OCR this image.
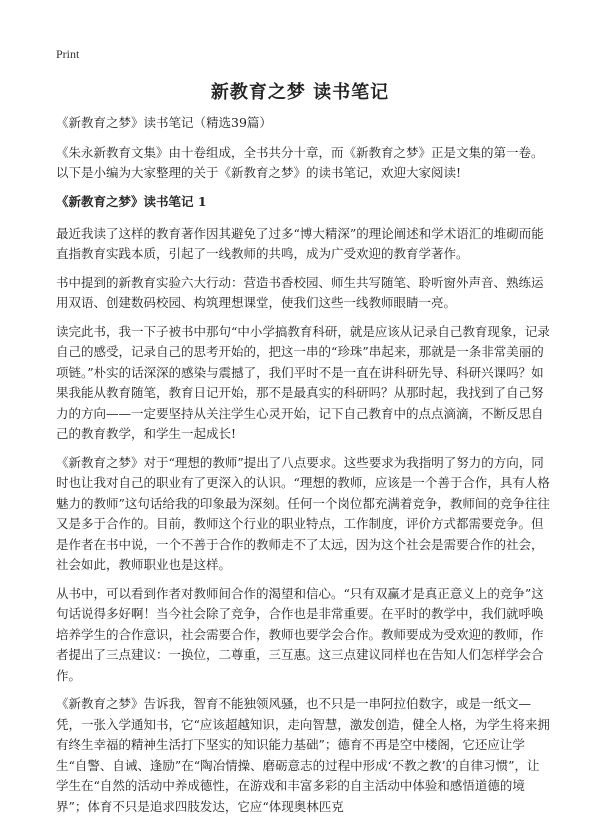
Print
新教育之梦 读书笔记

《新教育之梦》读书笔记（精选39篇）

《朱永新教育文集》由十卷组成，全书共分十章，而《新教育之梦》正是文集的第一卷。以下是小编为大家整理的关于《新教育之梦》的读书笔记，欢迎大家阅读!

《新教育之梦》读书笔记 1

最近我读了这样的教育著作因其避免了过多“博大精深”的理论阐述和学术语汇的堆砌而能直指教育实践本质，引起了一线教师的共鸣，成为广受欢迎的教育学著作。

书中提到的新教育实验六大行动：营造书香校园、师生共写随笔、聆听窗外声音、熟练运用双语、创建数码校园、构筑理想课堂，使我们这些一线教师眼睛一亮。

读完此书，我一下子被书中那句“中小学搞教育科研，就是应该从记录自己教育现象，记录自己的感受，记录自己的思考开始的，把这一串的“珍珠”串起来，那就是一条非常美丽的项链。”朴实的话深深的感染与震撼了，我们平时不是一直在讲科研先导、科研兴课吗？如果我能从教育随笔，教育日记开始，那不是最真实的科研吗？从那时起，我找到了自己努力的方向——一定要坚持从关注学生心灵开始，记下自己教育中的点点滴滴，不断反思自己的教育教学，和学生一起成长!

《新教育之梦》对于“理想的教师”提出了八点要求。这些要求为我指明了努力的方向，同时也让我对自己的职业有了更深入的认识。“理想的教师，应该是一个善于合作，具有人格魅力的教师”这句话给我的印象最为深刻。任何一个岗位都充满着竞争，教师间的竞争往往又是多于合作的。目前，教师这个行业的职业特点，工作制度，评价方式都需要竞争。但是作者在书中说，一个不善于合作的教师走不了太远，因为这个社会是需要合作的社会，社会如此，教师职业也是这样。

从书中，可以看到作者对教师间合作的渴望和信心。“只有双赢才是真正意义上的竞争”这句话说得多好啊！当今社会除了竞争，合作也是非常重要。在平时的教学中，我们就呼唤培养学生的合作意识，社会需要合作，教师也要学会合作。教师要成为受欢迎的教师，作者提出了三点建议：一换位，二尊重，三互惠。这三点建议同样也在告知人们怎样学会合作。

《新教育之梦》告诉我，智育不能独领风骚，也不只是一串阿拉伯数字，或是一纸文—凭，一张入学通知书，它“应该超越知识，走向智慧，激发创造，健全人格，为学生将来拥有终生幸福的精神生活打下坚实的知识能力基础”；德育不再是空中楼阁，它还应让学生“自警、自诫、逢励”在“陶冶情操、磨砺意志的过程中形成‘不教之教’的自律习惯”，让学生在“自然的活动中养成德性，在游戏和丰富多彩的自主活动中体验和感悟道德的境界”；体育不只是追求四肢发达，它应“体现奥林匹克
